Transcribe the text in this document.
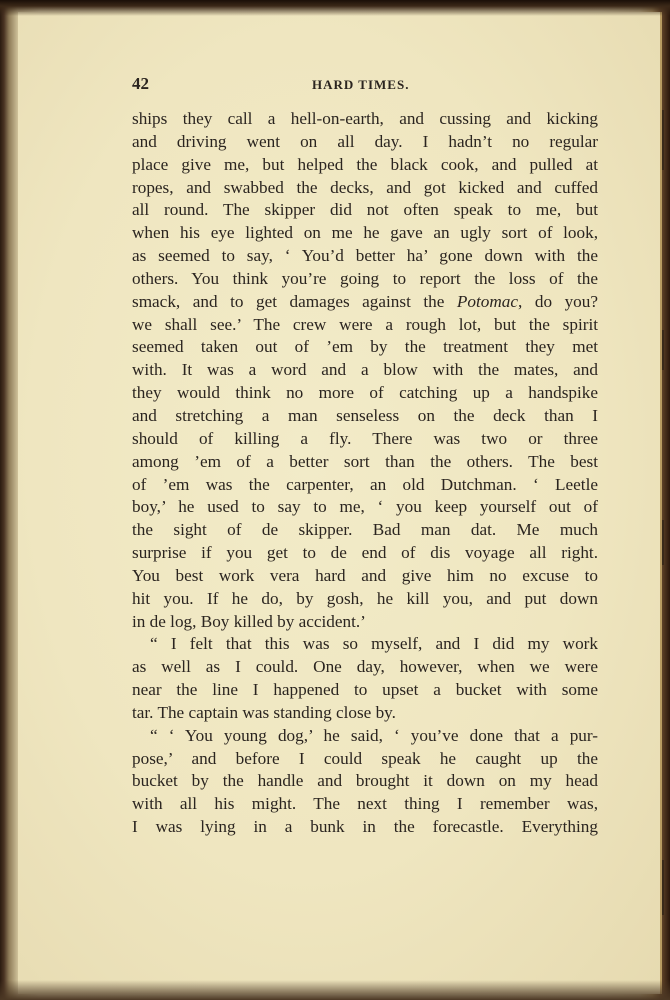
42	HARD TIMES.
ships they call a hell-on-earth, and cussing and kicking
and driving went on all day. I hadn’t no regular
place give me, but helped the black cook, and pulled at
ropes, and swabbed the decks, and got kicked and cuffed
all round. The skipper did not often speak to me, but
when his eye lighted on me he gave an ugly sort of look,
as seemed to say, ‘ You’d better ha’ gone down with the
others. You think you’re going to report the loss of the
smack, and to get damages against the Potomac, do you?
we shall see.’ The crew were a rough lot, but the spirit
seemed taken out of ’em by the treatment they met
with. It was a word and a blow with the mates, and
they would think no more of catching up a handspike
and stretching a man senseless on the deck than I
should of killing a fly. There was two or three
among ’em of a better sort than the others. The best
of ’em was the carpenter, an old Dutchman. ‘ Leetle
boy,’ he used to say to me, ‘ you keep yourself out of
the sight of de skipper. Bad man dat. Me much
surprise if you get to de end of dis voyage all right.
You best work vera hard and give him no excuse to
hit you. If he do, by gosh, he kill you, and put down
in de log, Boy killed by accident.’
“ I felt that this was so myself, and I did my work
as well as I could. One day, however, when we were
near the line I happened to upset a bucket with some
tar. The captain was standing close by.
“ ‘ You young dog,’ he said, ‘ you’ve done that a pur-
pose,’ and before I could speak he caught up the
bucket by the handle and brought it down on my head
with all his might. The next thing I remember was,
I was lying in a bunk in the forecastle. Everything
